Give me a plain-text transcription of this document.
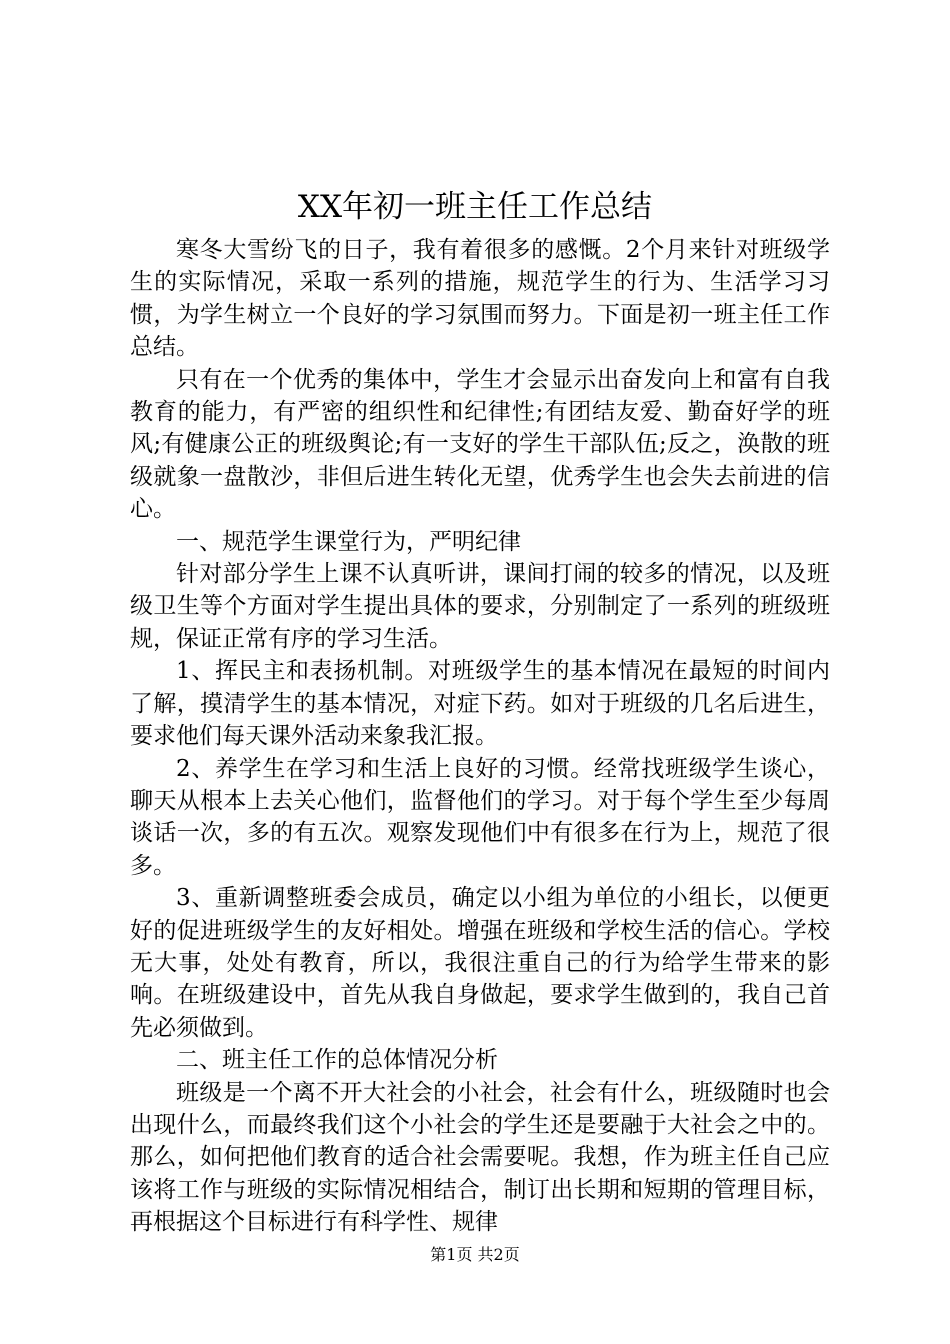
XX年初一班主任工作总结

寒冬大雪纷飞的日子，我有着很多的感慨。2个月来针对班级学生的实际情况，采取一系列的措施，规范学生的行为、生活学习习惯，为学生树立一个良好的学习氛围而努力。下面是初一班主任工作总结。

只有在一个优秀的集体中，学生才会显示出奋发向上和富有自我教育的能力，有严密的组织性和纪律性;有团结友爱、勤奋好学的班风;有健康公正的班级舆论;有一支好的学生干部队伍;反之，涣散的班级就象一盘散沙，非但后进生转化无望，优秀学生也会失去前进的信心。

一、规范学生课堂行为，严明纪律

针对部分学生上课不认真听讲，课间打闹的较多的情况，以及班级卫生等个方面对学生提出具体的要求，分别制定了一系列的班级班规，保证正常有序的学习生活。

1、挥民主和表扬机制。对班级学生的基本情况在最短的时间内了解，摸清学生的基本情况，对症下药。如对于班级的几名后进生，要求他们每天课外活动来象我汇报。

2、养学生在学习和生活上良好的习惯。经常找班级学生谈心，聊天从根本上去关心他们，监督他们的学习。对于每个学生至少每周谈话一次，多的有五次。观察发现他们中有很多在行为上，规范了很多。

3、重新调整班委会成员，确定以小组为单位的小组长，以便更好的促进班级学生的友好相处。增强在班级和学校生活的信心。学校无大事，处处有教育，所以，我很注重自己的行为给学生带来的影响。在班级建设中，首先从我自身做起，要求学生做到的，我自己首先必须做到。

二、班主任工作的总体情况分析

班级是一个离不开大社会的小社会，社会有什么，班级随时也会出现什么，而最终我们这个小社会的学生还是要融于大社会之中的。那么，如何把他们教育的适合社会需要呢。我想，作为班主任自己应该将工作与班级的实际情况相结合，制订出长期和短期的管理目标，再根据这个目标进行有科学性、规律

第1页 共2页
